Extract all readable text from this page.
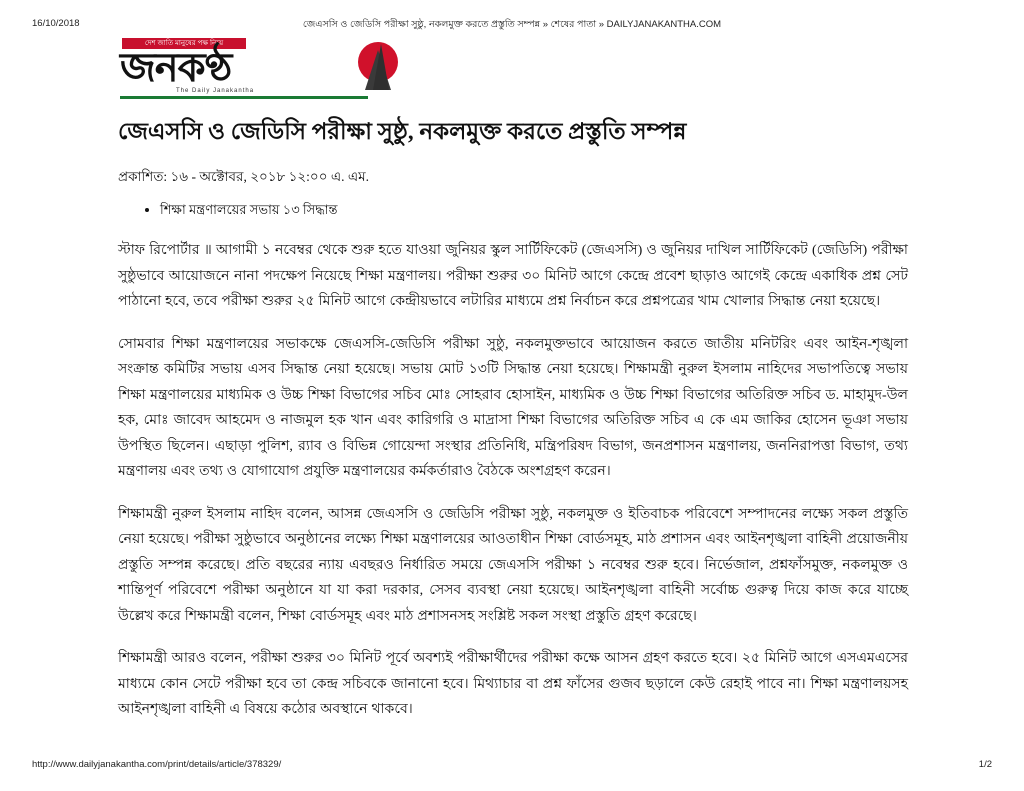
16/10/2018	জেএসসি ও জেডিসি পরীক্ষা সুষ্ঠু, নকলমুক্ত করতে প্রস্তুতি সম্পন্ন » শেষের পাতা » DAILYJANAKANTHA.COM
দেশ জাতি মানুষের পক্ষ নিয়ে
জনকণ্ঠ
The Daily Janakantha
জেএসসি ও জেডিসি পরীক্ষা সুষ্ঠু, নকলমুক্ত করতে প্রস্তুতি সম্পন্ন
প্রকাশিত: ১৬ - অক্টোবর, ২০১৮ ১২:০০ এ. এম.
• শিক্ষা মন্ত্রণালয়ের সভায় ১৩ সিদ্ধান্ত

স্টাফ রিপোর্টার ॥ আগামী ১ নবেম্বর থেকে শুরু হতে যাওয়া জুনিয়র স্কুল সার্টিফিকেট (জেএসসি) ও জুনিয়র দাখিল সার্টিফিকেট (জেডিসি) পরীক্ষা সুষ্ঠুভাবে আয়োজনে নানা পদক্ষেপ নিয়েছে শিক্ষা মন্ত্রণালয়। পরীক্ষা শুরুর ৩০ মিনিট আগে কেন্দ্রে প্রবেশ ছাড়াও আগেই কেন্দ্রে একাধিক প্রশ্ন সেট পাঠানো হবে, তবে পরীক্ষা শুরুর ২৫ মিনিট আগে কেন্দ্রীয়ভাবে লটারির মাধ্যমে প্রশ্ন নির্বাচন করে প্রশ্নপত্রের খাম খোলার সিদ্ধান্ত নেয়া হয়েছে।

সোমবার শিক্ষা মন্ত্রণালয়ের সভাকক্ষে জেএসসি-জেডিসি পরীক্ষা সুষ্ঠু, নকলমুক্তভাবে আয়োজন করতে জাতীয় মনিটরিং এবং আইন-শৃঙ্খলা সংক্রান্ত কমিটির সভায় এসব সিদ্ধান্ত নেয়া হয়েছে। সভায় মোট ১৩টি সিদ্ধান্ত নেয়া হয়েছে। শিক্ষামন্ত্রী নুরুল ইসলাম নাহিদের সভাপতিত্বে সভায় শিক্ষা মন্ত্রণালয়ের মাধ্যমিক ও উচ্চ শিক্ষা বিভাগের সচিব মোঃ সোহরাব হোসাইন, মাধ্যমিক ও উচ্চ শিক্ষা বিভাগের অতিরিক্ত সচিব ড. মাহামুদ-উল হক, মোঃ জাবেদ আহমেদ ও নাজমুল হক খান এবং কারিগরি ও মাদ্রাসা শিক্ষা বিভাগের অতিরিক্ত সচিব এ কে এম জাকির হোসেন ভূঞা সভায় উপস্থিত ছিলেন। এছাড়া পুলিশ, র‌্যাব ও বিভিন্ন গোয়েন্দা সংস্থার প্রতিনিধি, মন্ত্রিপরিষদ বিভাগ, জনপ্রশাসন মন্ত্রণালয়, জননিরাপত্তা বিভাগ, তথ্য মন্ত্রণালয় এবং তথ্য ও যোগাযোগ প্রযুক্তি মন্ত্রণালয়ের কর্মকর্তারাও বৈঠকে অংশগ্রহণ করেন।

শিক্ষামন্ত্রী নুরুল ইসলাম নাহিদ বলেন, আসন্ন জেএসসি ও জেডিসি পরীক্ষা সুষ্ঠু, নকলমুক্ত ও ইতিবাচক পরিবেশে সম্পাদনের লক্ষ্যে সকল প্রস্তুতি নেয়া হয়েছে। পরীক্ষা সুষ্ঠুভাবে অনুষ্ঠানের লক্ষ্যে শিক্ষা মন্ত্রণালয়ের আওতাধীন শিক্ষা বোর্ডসমূহ, মাঠ প্রশাসন এবং আইনশৃঙ্খলা বাহিনী প্রয়োজনীয় প্রস্তুতি সম্পন্ন করেছে। প্রতি বছরের ন্যায় এবছরও নির্ধারিত সময়ে জেএসসি পরীক্ষা ১ নবেম্বর শুরু হবে। নির্ভেজাল, প্রশ্নফাঁসমুক্ত, নকলমুক্ত ও শান্তিপূর্ণ পরিবেশে পরীক্ষা অনুষ্ঠানে যা যা করা দরকার, সেসব ব্যবস্থা নেয়া হয়েছে। আইনশৃঙ্খলা বাহিনী সর্বোচ্চ গুরুত্ব দিয়ে কাজ করে যাচ্ছে উল্লেখ করে শিক্ষামন্ত্রী বলেন, শিক্ষা বোর্ডসমূহ এবং মাঠ প্রশাসনসহ সংশ্লিষ্ট সকল সংস্থা প্রস্তুতি গ্রহণ করেছে।

শিক্ষামন্ত্রী আরও বলেন, পরীক্ষা শুরুর ৩০ মিনিট পূর্বে অবশ্যই পরীক্ষার্থীদের পরীক্ষা কক্ষে আসন গ্রহণ করতে হবে। ২৫ মিনিট আগে এসএমএসের মাধ্যমে কোন সেটে পরীক্ষা হবে তা কেন্দ্র সচিবকে জানানো হবে। মিথ্যাচার বা প্রশ্ন ফাঁসের গুজব ছড়ালে কেউ রেহাই পাবে না। শিক্ষা মন্ত্রণালয়সহ আইনশৃঙ্খলা বাহিনী এ বিষয়ে কঠোর অবস্থানে থাকবে।

http://www.dailyjanakantha.com/print/details/article/378329/	1/2
